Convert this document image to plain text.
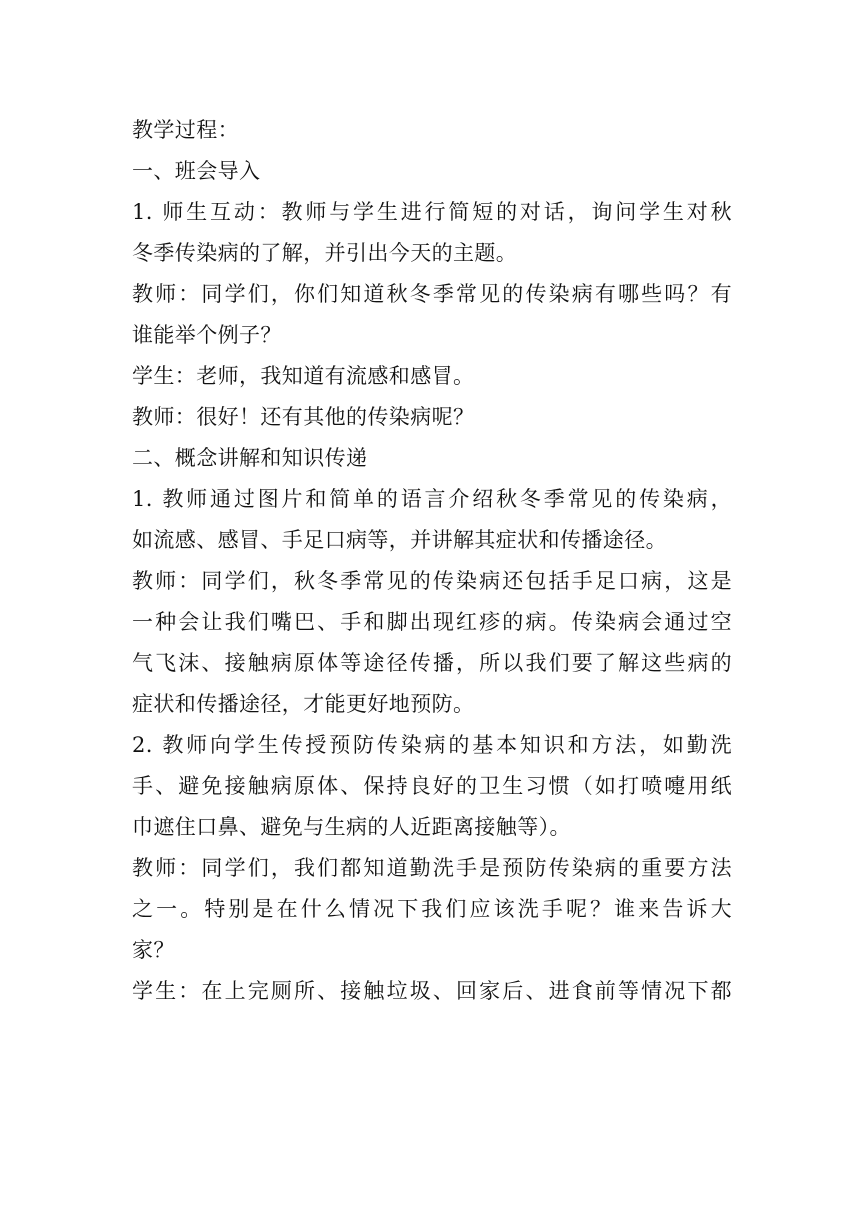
教学过程：
一、班会导入
1. 师生互动：教师与学生进行简短的对话，询问学生对秋
冬季传染病的了解，并引出今天的主题。
教师：同学们，你们知道秋冬季常见的传染病有哪些吗？有
谁能举个例子？
学生：老师，我知道有流感和感冒。
教师：很好！还有其他的传染病呢？
二、概念讲解和知识传递
1. 教师通过图片和简单的语言介绍秋冬季常见的传染病，
如流感、感冒、手足口病等，并讲解其症状和传播途径。
教师：同学们，秋冬季常见的传染病还包括手足口病，这是
一种会让我们嘴巴、手和脚出现红疹的病。传染病会通过空
气飞沫、接触病原体等途径传播，所以我们要了解这些病的
症状和传播途径，才能更好地预防。
2. 教师向学生传授预防传染病的基本知识和方法，如勤洗
手、避免接触病原体、保持良好的卫生习惯（如打喷嚏用纸
巾遮住口鼻、避免与生病的人近距离接触等）。
教师：同学们，我们都知道勤洗手是预防传染病的重要方法
之一。特别是在什么情况下我们应该洗手呢？谁来告诉大
家？
学生：在上完厕所、接触垃圾、回家后、进食前等情况下都
